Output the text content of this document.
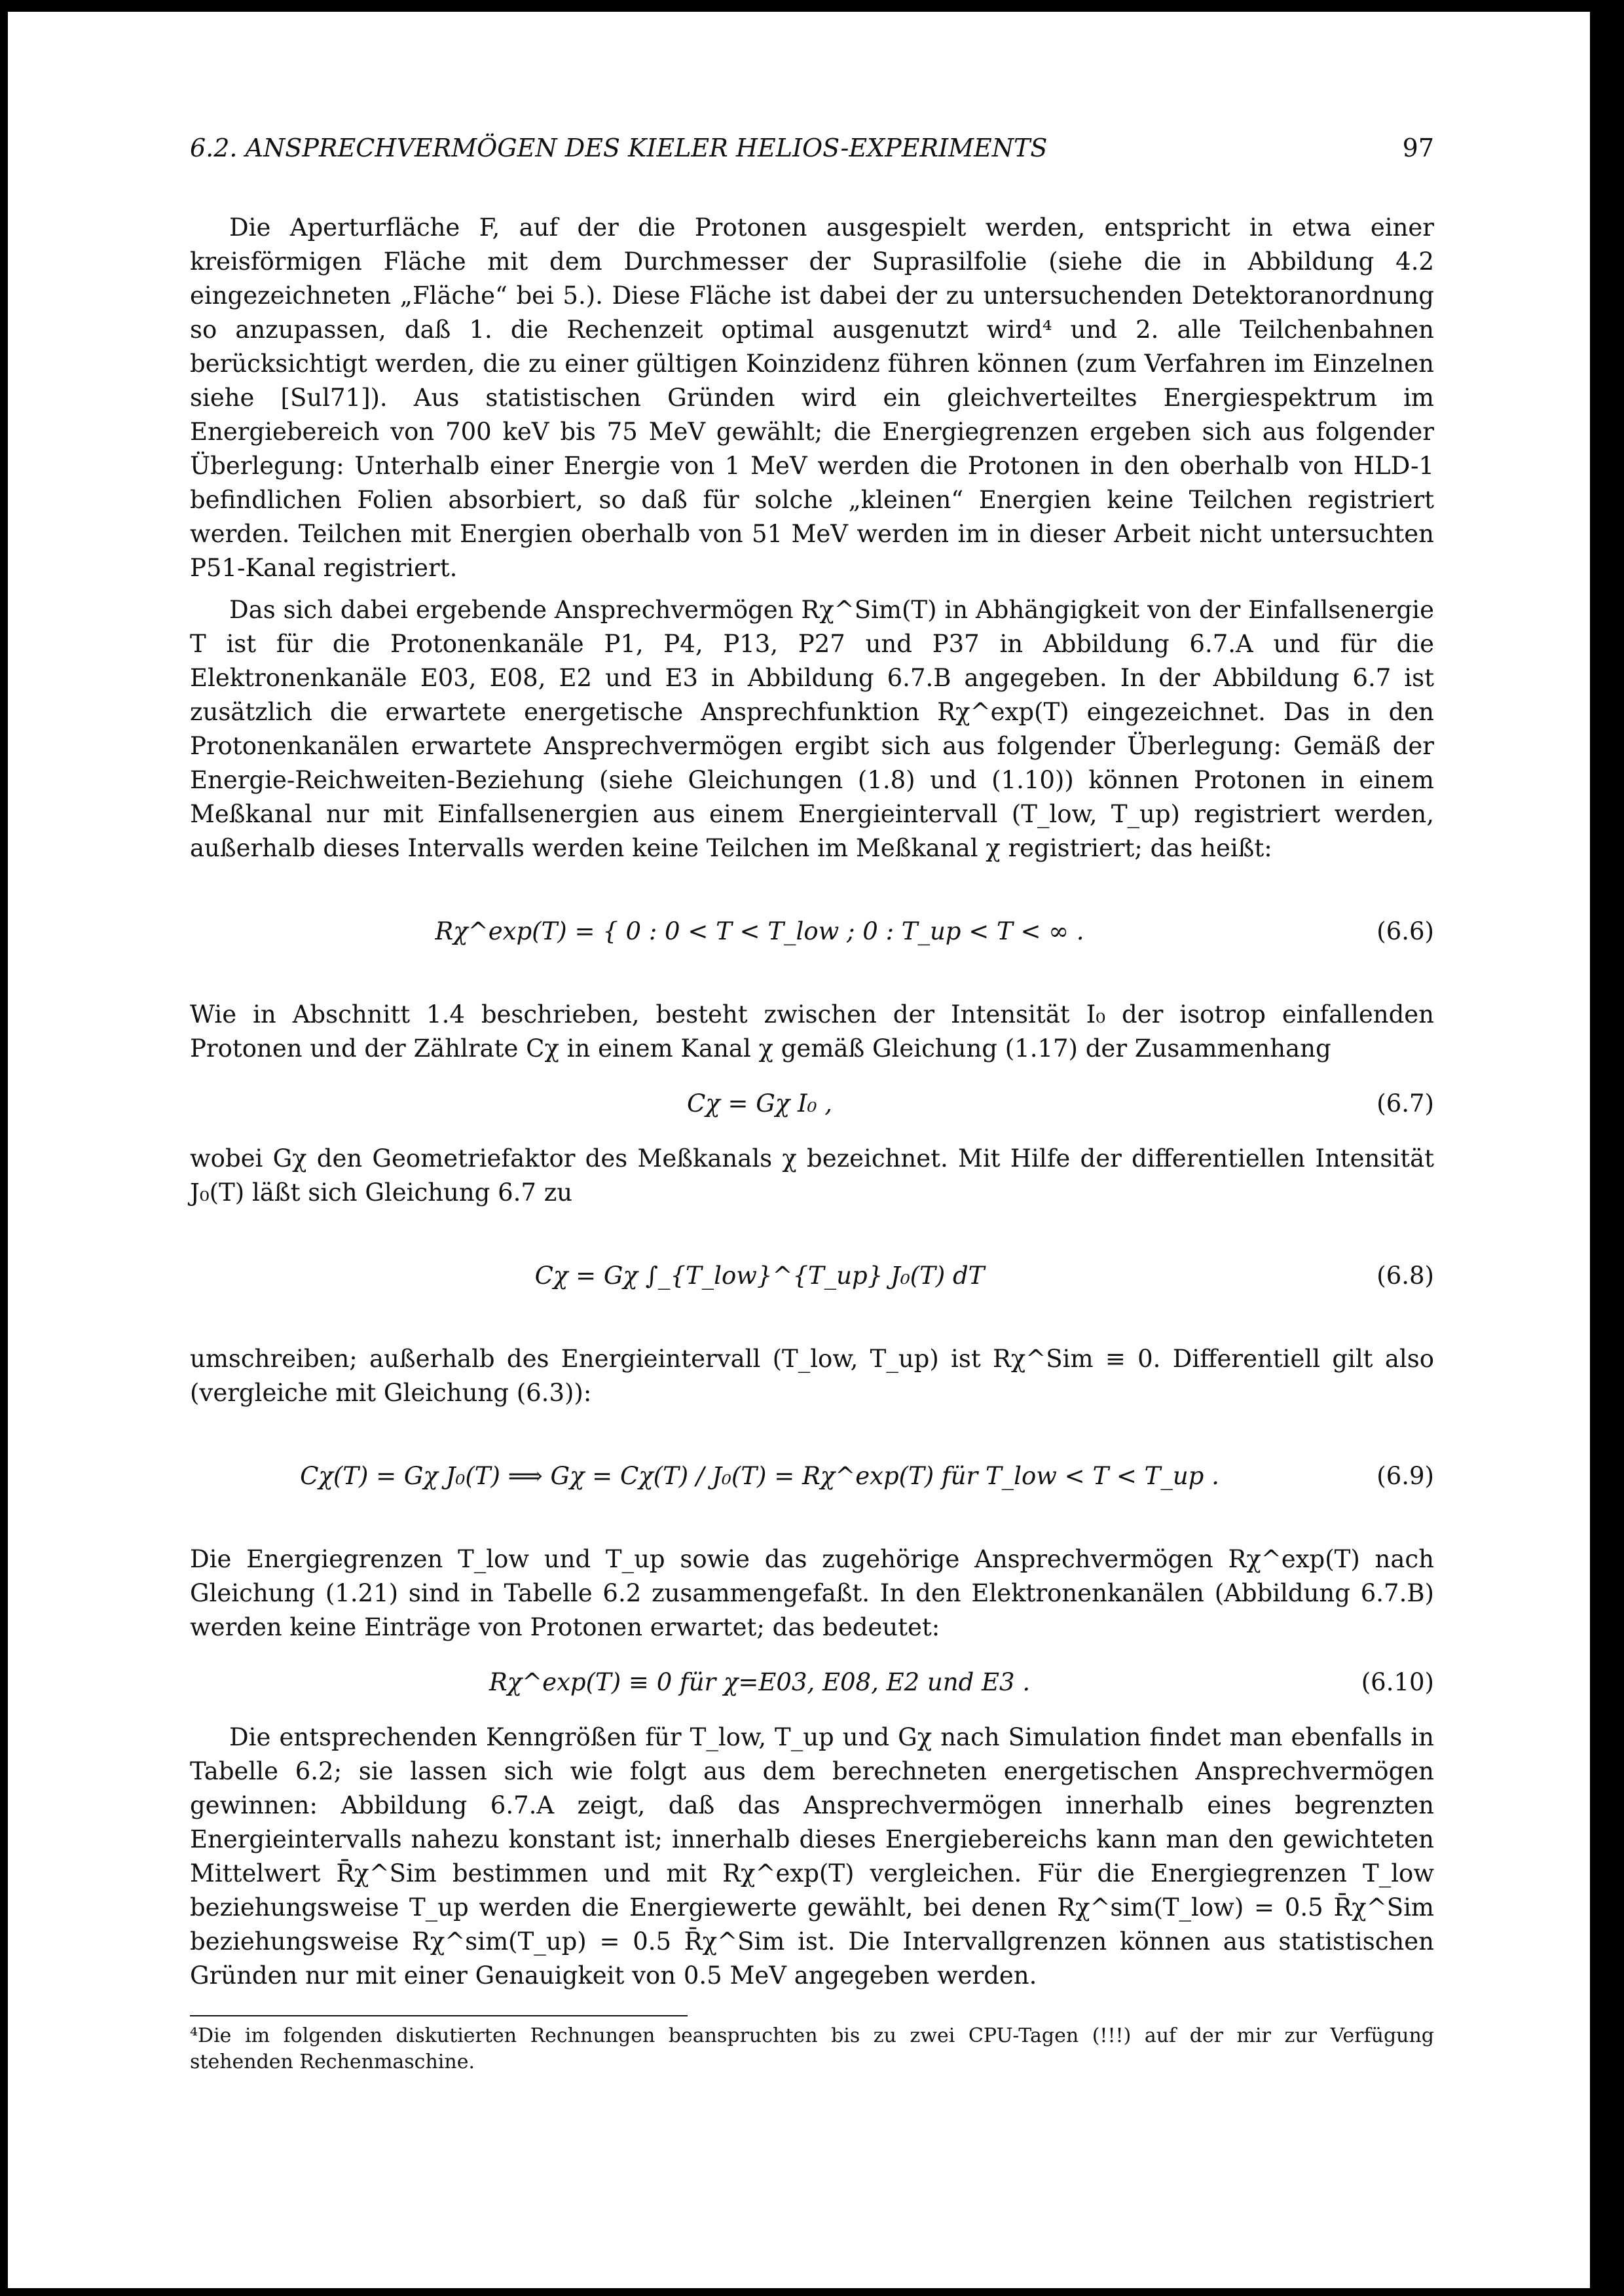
6.2. ANSPRECHVERMÖGEN DES KIELER HELIOS-EXPERIMENTS	97

Die Aperturfläche F, auf der die Protonen ausgespielt werden, entspricht in etwa einer kreisförmigen Fläche mit dem Durchmesser der Suprasilfolie (siehe die in Abbildung 4.2 eingezeichneten „Fläche“ bei 5.). Diese Fläche ist dabei der zu untersuchenden Detektoranordnung so anzupassen, daß 1. die Rechenzeit optimal ausgenutzt wird⁴ und 2. alle Teilchenbahnen berücksichtigt werden, die zu einer gültigen Koinzidenz führen können (zum Verfahren im Einzelnen siehe [Sul71]). Aus statistischen Gründen wird ein gleichverteiltes Energiespektrum im Energiebereich von 700 keV bis 75 MeV gewählt; die Energiegrenzen ergeben sich aus folgender Überlegung: Unterhalb einer Energie von 1 MeV werden die Protonen in den oberhalb von HLD-1 befindlichen Folien absorbiert, so daß für solche „kleinen“ Energien keine Teilchen registriert werden. Teilchen mit Energien oberhalb von 51 MeV werden im in dieser Arbeit nicht untersuchten P51-Kanal registriert.

Das sich dabei ergebende Ansprechvermögen Rχ^Sim(T) in Abhängigkeit von der Einfallsenergie T ist für die Protonenkanäle P1, P4, P13, P27 und P37 in Abbildung 6.7.A und für die Elektronenkanäle E03, E08, E2 und E3 in Abbildung 6.7.B angegeben. In der Abbildung 6.7 ist zusätzlich die erwartete energetische Ansprechfunktion Rχ^exp(T) eingezeichnet. Das in den Protonenkanälen erwartete Ansprechvermögen ergibt sich aus folgender Überlegung: Gemäß der Energie-Reichweiten-Beziehung (siehe Gleichungen (1.8) und (1.10)) können Protonen in einem Meßkanal nur mit Einfallsenergien aus einem Energieintervall (T_low, T_up) registriert werden, außerhalb dieses Intervalls werden keine Teilchen im Meßkanal χ registriert; das heißt:

Rχ^exp(T) = { 0 : 0 < T < T_low ; 0 : T_up < T < ∞ .	(6.6)

Wie in Abschnitt 1.4 beschrieben, besteht zwischen der Intensität I₀ der isotrop einfallenden Protonen und der Zählrate Cχ in einem Kanal χ gemäß Gleichung (1.17) der Zusammenhang

Cχ = Gχ I₀ ,	(6.7)

wobei Gχ den Geometriefaktor des Meßkanals χ bezeichnet. Mit Hilfe der differentiellen Intensität J₀(T) läßt sich Gleichung 6.7 zu

Cχ = Gχ ∫_{T_low}^{T_up} J₀(T) dT	(6.8)

umschreiben; außerhalb des Energieintervall (T_low, T_up) ist Rχ^Sim ≡ 0. Differentiell gilt also (vergleiche mit Gleichung (6.3)):

Cχ(T) = Gχ J₀(T) ⟹ Gχ = Cχ(T) / J₀(T) = Rχ^exp(T) für T_low < T < T_up .	(6.9)

Die Energiegrenzen T_low und T_up sowie das zugehörige Ansprechvermögen Rχ^exp(T) nach Gleichung (1.21) sind in Tabelle 6.2 zusammengefaßt. In den Elektronenkanälen (Abbildung 6.7.B) werden keine Einträge von Protonen erwartet; das bedeutet:

Rχ^exp(T) ≡ 0 für χ=E03, E08, E2 und E3 .	(6.10)

Die entsprechenden Kenngrößen für T_low, T_up und Gχ nach Simulation findet man ebenfalls in Tabelle 6.2; sie lassen sich wie folgt aus dem berechneten energetischen Ansprechvermögen gewinnen: Abbildung 6.7.A zeigt, daß das Ansprechvermögen innerhalb eines begrenzten Energieintervalls nahezu konstant ist; innerhalb dieses Energiebereichs kann man den gewichteten Mittelwert R̄χ^Sim bestimmen und mit Rχ^exp(T) vergleichen. Für die Energiegrenzen T_low beziehungsweise T_up werden die Energiewerte gewählt, bei denen Rχ^sim(T_low) = 0.5 R̄χ^Sim beziehungsweise Rχ^sim(T_up) = 0.5 R̄χ^Sim ist. Die Intervallgrenzen können aus statistischen Gründen nur mit einer Genauigkeit von 0.5 MeV angegeben werden.

⁴Die im folgenden diskutierten Rechnungen beanspruchten bis zu zwei CPU-Tagen (!!!) auf der mir zur Verfügung stehenden Rechenmaschine.
